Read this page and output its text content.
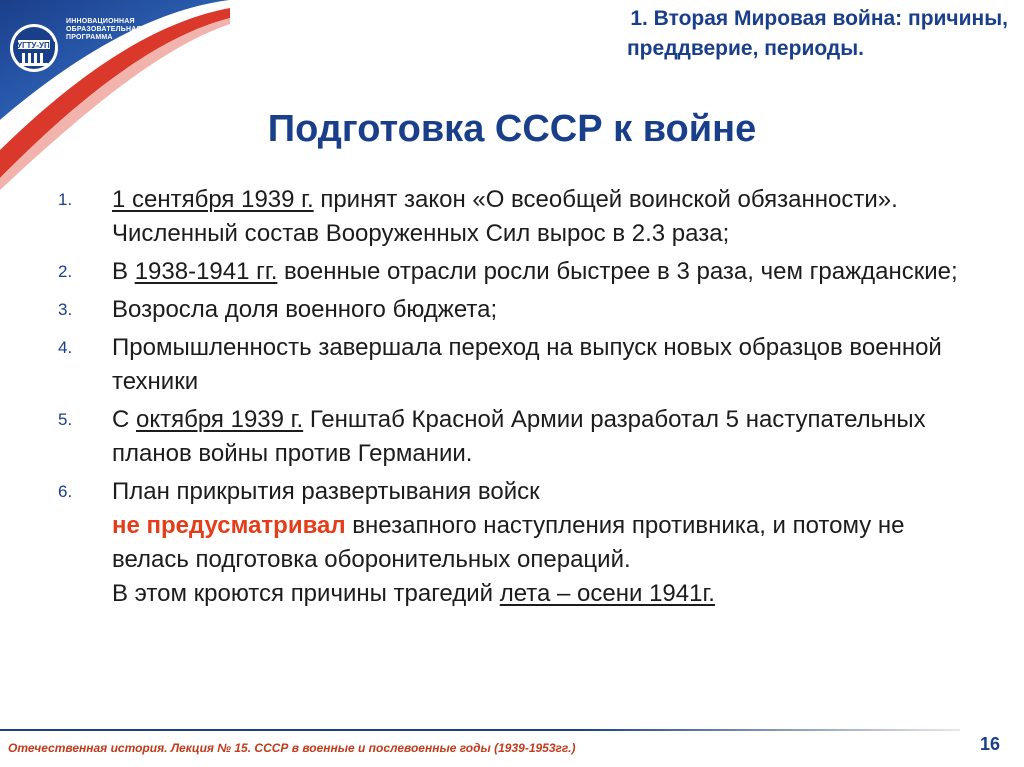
УГТУ-УПИ
ИННОВАЦИОННАЯ
ОБРАЗОВАТЕЛЬНАЯ
ПРОГРАММА
1. Вторая Мировая война: причины,
преддверие, периоды.
Подготовка СССР к войне
1.	1 сентября 1939 г. принят закон «О всеобщей воинской обязанности». Численный состав Вооруженных Сил вырос в 2.3 раза;
2.	В 1938-1941 гг. военные отрасли росли быстрее в 3 раза, чем гражданские;
3.	Возросла доля военного бюджета;
4.	Промышленность завершала переход на выпуск новых образцов военной техники
5.	С октября 1939 г. Генштаб Красной Армии разработал 5 наступательных планов войны против Германии.
6.	План прикрытия развертывания войск
не предусматривал внезапного наступления противника, и потому не велась подготовка оборонительных операций.
В этом кроются причины трагедий лета – осени 1941г.
Отечественная история. Лекция № 15. СССР в военные и послевоенные годы (1939-1953гг.)	16
